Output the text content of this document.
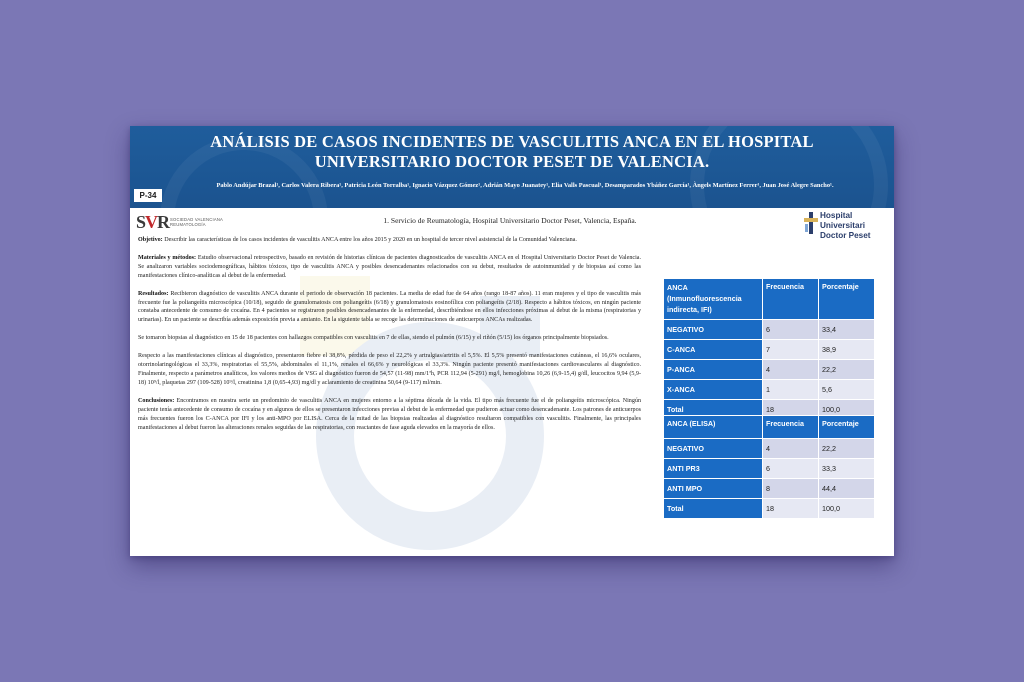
ANÁLISIS DE CASOS INCIDENTES DE VASCULITIS ANCA EN EL HOSPITAL
UNIVERSITARIO DOCTOR PESET DE VALENCIA.
Pablo Andújar Brazal¹, Carlos Valera Ribera¹, Patricia León Torralba¹, Ignacio Vázquez Gómez¹, Adrián Mayo Juanatey¹, Elia Valls Pascual¹, Desamparados Ybáñez García¹, Àngels Martínez Ferrer¹, Juan José Alegre Sancho¹.
P-34
SVR SOCIEDAD VALENCIANA
REUMATOLOGÍA	1. Servicio de Reumatología, Hospital Universitario Doctor Peset, Valencia, España.
Hospital Universitari
Doctor Peset

Objetivo: Describir las características de los casos incidentes de vasculitis ANCA entre los años 2015 y 2020 en un hospital de tercer nivel asistencial de la Comunidad Valenciana.

Materiales y métodos: Estudio observacional retrospectivo, basado en revisión de historias clínicas de pacientes diagnosticados de vasculitis ANCA en el Hospital Universitario Doctor Peset de Valencia. Se analizaron variables sociodemográficas, hábitos tóxicos, tipo de vasculitis ANCA y posibles desencadenantes relacionados con su debut, resultados de autoinmunidad y de biopsias así como las manifestaciones clínico-analíticas al debut de la enfermedad.

Resultados: Recibieron diagnóstico de vasculitis ANCA durante el periodo de observación 18 pacientes. La media de edad fue de 64 años (rango 18-87 años). 11 eran mujeres y el tipo de vasculitis más frecuente fue la poliangeítis microscópica (10/18), seguido de granulomatosis con poliangeítis (6/18) y granulomatosis eosinofílica con poliangeítis (2/18). Respecto a hábitos tóxicos, en ningún paciente constaba antecedente de consumo de cocaína. En 4 pacientes se registraron posibles desencadenantes de la enfermedad, describiéndose en ellos infecciones próximas al debut de la misma (respiratorias y urinarias). En un paciente se describía además exposición previa a amianto. En la siguiente tabla se recoge las determinaciones de anticuerpos ANCAs realizadas.

Se tomaron biopsias al diagnóstico en 15 de 18 pacientes con hallazgos compatibles con vasculitis en 7 de ellas, siendo el pulmón (6/15) y el riñón (5/15) los órganos principalmente biopsiados.

Respecto a las manifestaciones clínicas al diagnóstico, presentaron fiebre el 38,8%, pérdida de peso el 22,2% y artralgias/artritis el 5,5%. El 5,5% presentó manifestaciones cutáneas, el 16,6% oculares, otorrinolaringológicas el 33,3%, respiratorias el 55,5%, abdominales el 11,1%, renales el 66,6% y neurológicas el 33,3%. Ningún paciente presentó manifestaciones cardiovasculares al diagnóstico. Finalmente, respecto a parámetros analíticos, los valores medios de VSG al diagnóstico fueron de 54,57 (11-98) mm/1ªh, PCR 112,94 (5-291) mg/l, hemoglobina 10,26 (6,9-15,4) g/dl, leucocitos 9,94 (5,9-18) 10⁹/l, plaquetas 297 (109-528) 10⁹/l, creatinina 1,8 (0,65-4,93) mg/dl y aclaramiento de creatinina 50,64 (9-117) ml/min.

Conclusiones: Encontramos en nuestra serie un predominio de vasculitis ANCA en mujeres entorno a la séptima década de la vida. El tipo más frecuente fue el de poliangeítis microscópica. Ningún paciente tenía antecedente de consumo de cocaína y en algunos de ellos se presentaron infecciones previas al debut de la enfermedad que pudieron actuar como desencadenante. Los patrones de anticuerpos más frecuentes fueron los C-ANCA por IFI y los anti-MPO por ELISA. Cerca de la mitad de las biopsias realizadas al diagnóstico resultaron compatibles con vasculitis. Finalmente, las principales manifestaciones al debut fueron las alteraciones renales seguidas de las respiratorias, con reactantes de fase aguda elevados en la mayoría de ellos.

ANCA (Inmunofluorescencia indirecta, IFI)	Frecuencia	Porcentaje
NEGATIVO	6	33,4
C-ANCA	7	38,9
P-ANCA	4	22,2
X-ANCA	1	5,6
Total	18	100,0
ANCA (ELISA)	Frecuencia	Porcentaje
NEGATIVO	4	22,2
ANTI PR3	6	33,3
ANTI MPO	8	44,4
Total	18	100,0
